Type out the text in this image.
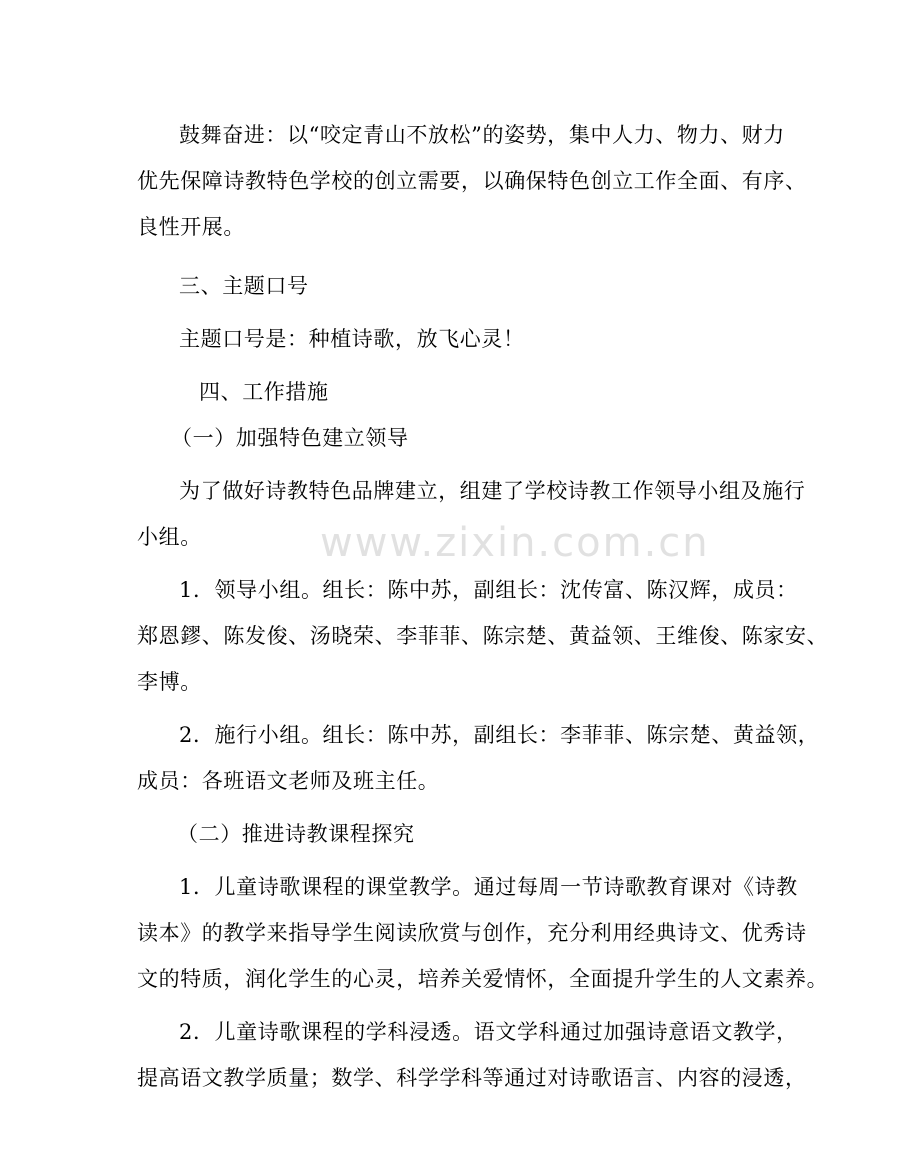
www.zixin.com.cn
鼓舞奋进：以“咬定青山不放松”的姿势，集中人力、物力、财力
优先保障诗教特色学校的创立需要，以确保特色创立工作全面、有序、
良性开展。
三、主题口号
主题口号是：种植诗歌，放飞心灵！
四、工作措施
（一）加强特色建立领导
为了做好诗教特色品牌建立，组建了学校诗教工作领导小组及施行
小组。
1．领导小组。组长：陈中苏，副组长：沈传富、陈汉辉，成员：
郑恩鏐、陈发俊、汤晓荣、李菲菲、陈宗楚、黄益领、王维俊、陈家安、
李博。
2．施行小组。组长：陈中苏，副组长：李菲菲、陈宗楚、黄益领，
成员：各班语文老师及班主任。
（二）推进诗教课程探究
1．儿童诗歌课程的课堂教学。通过每周一节诗歌教育课对《诗教
读本》的教学来指导学生阅读欣赏与创作，充分利用经典诗文、优秀诗
文的特质，润化学生的心灵，培养关爱情怀，全面提升学生的人文素养。
2．儿童诗歌课程的学科浸透。语文学科通过加强诗意语文教学，
提高语文教学质量；数学、科学学科等通过对诗歌语言、内容的浸透，
